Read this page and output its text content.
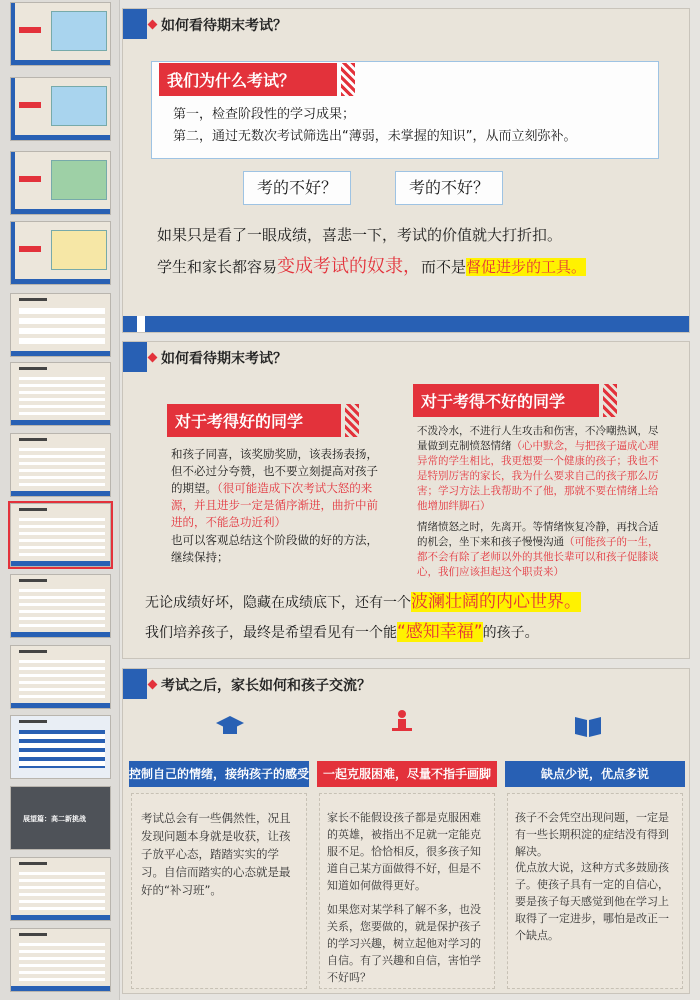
展望篇：高二新挑战
如何看待期末考试？
我们为什么考试？
第一，检查阶段性的学习成果；
第二，通过无数次考试筛选出“薄弱，未掌握的知识”，从而立刻弥补。
考的不好？	考的不好？
如果只是看了一眼成绩，喜悲一下，考试的价值就大打折扣。
学生和家长都容易变成考试的奴隶，而不是督促进步的工具。
如何看待期末考试？
对于考得好的同学
和孩子同喜，该奖励奖励，该表扬表扬，但不必过分夸赞，也不要立刻提高对孩子的期望。（很可能造成下次考试大怒的来源，并且进步一定是循序渐进，曲折中前进的，不能急功近利）
也可以客观总结这个阶段做的好的方法，继续保持；
对于考得不好的同学
不泼冷水，不进行人生攻击和伤害，不冷嘲热讽，尽量做到克制愤怒情绪（心中默念，与把孩子逼成心理异常的学生相比，我更想要一个健康的孩子；我也不是特别厉害的家长，我为什么要求自己的孩子那么厉害；学习方法上我帮助不了他，那就不要在情绪上给他增加绊脚石）
情绪愤怒之时，先离开。等情绪恢复冷静，再找合适的机会，坐下来和孩子慢慢沟通（可能孩子的一生，都不会有除了老师以外的其他长辈可以和孩子促膝谈心，我们应该担起这个职责来）
无论成绩好坏，隐藏在成绩底下，还有一个波澜壮阔的内心世界。
我们培养孩子，最终是希望看见有一个能“感知幸福”的孩子。
考试之后，家长如何和孩子交流？
控制自己的情绪，接纳孩子的感受	一起克服困难，尽量不指手画脚	缺点少说，优点多说
考试总会有一些偶然性，况且发现问题本身就是收获，让孩子放平心态，踏踏实实的学习。自信而踏实的心态就是最好的“补习班”。
家长不能假设孩子都是克服困难的英雄，被指出不足就一定能克服不足。恰恰相反，很多孩子知道自己某方面做得不好，但是不知道如何做得更好。
如果您对某学科了解不多，也没关系，您要做的，就是保护孩子的学习兴趣，树立起他对学习的自信。有了兴趣和自信，害怕学不好吗？
孩子不会凭空出现问题，一定是有一些长期积淀的症结没有得到解决。
优点放大说，这种方式多鼓励孩子。使孩子具有一定的自信心，要是孩子每天感觉到他在学习上取得了一定进步，哪怕是改正一个缺点。
